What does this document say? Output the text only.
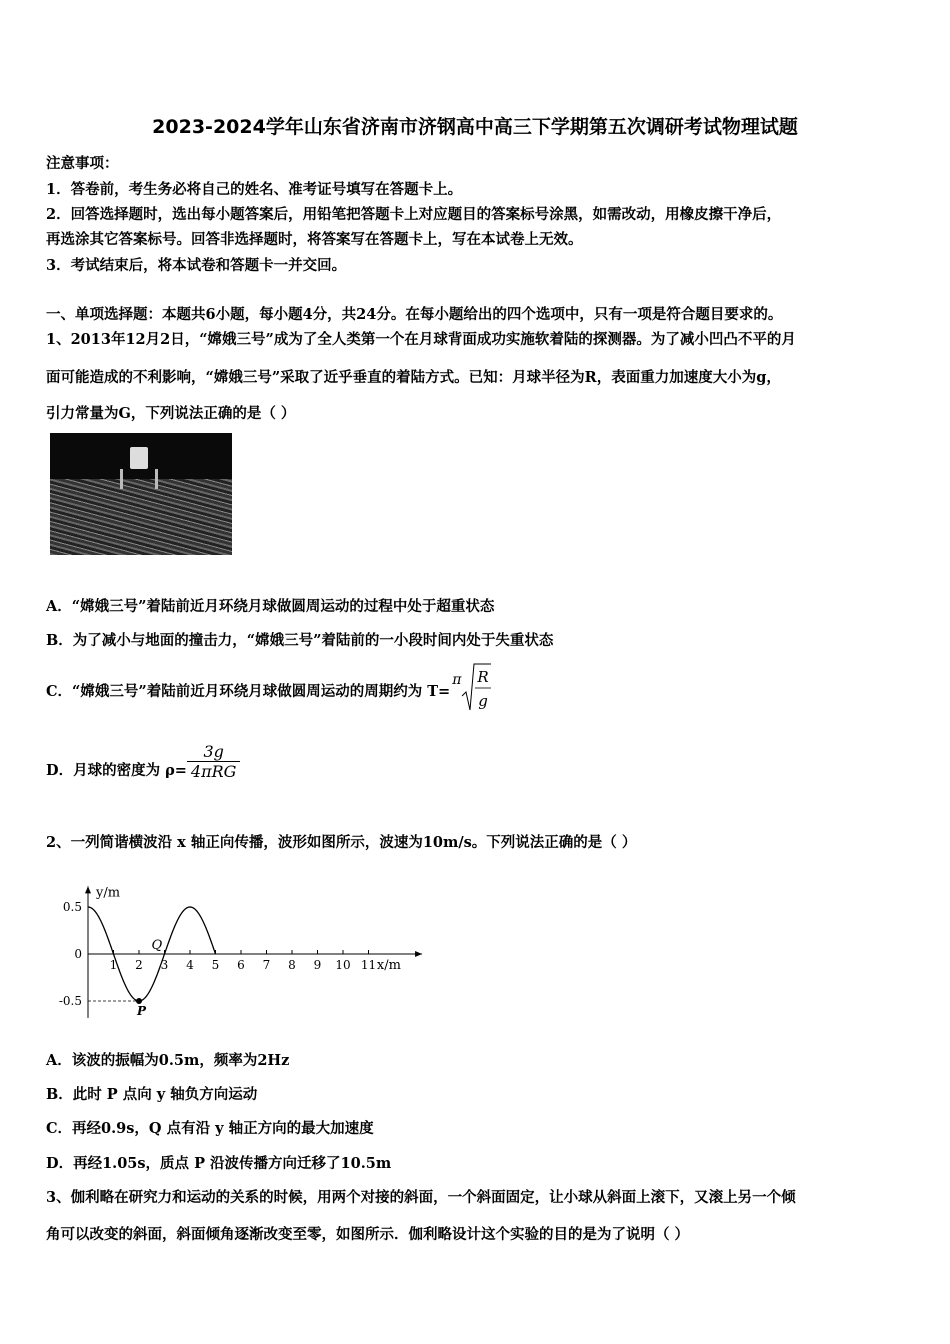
2023-2024学年山东省济南市济钢高中高三下学期第五次调研考试物理试题
注意事项：
1．答卷前，考生务必将自己的姓名、准考证号填写在答题卡上。
2．回答选择题时，选出每小题答案后，用铅笔把答题卡上对应题目的答案标号涂黑，如需改动，用橡皮擦干净后，
再选涂其它答案标号。回答非选择题时，将答案写在答题卡上，写在本试卷上无效。
3．考试结束后，将本试卷和答题卡一并交回。
一、单项选择题：本题共6小题，每小题4分，共24分。在每小题给出的四个选项中，只有一项是符合题目要求的。
1、2013年12月2日，“嫦娥三号”成为了全人类第一个在月球背面成功实施软着陆的探测器。为了减小凹凸不平的月
面可能造成的不利影响，“嫦娥三号”采取了近乎垂直的着陆方式。已知：月球半径为R，表面重力加速度大小为g，
引力常量为G，下列说法正确的是（ ）
A．“嫦娥三号”着陆前近月环绕月球做圆周运动的过程中处于超重状态
B．为了减小与地面的撞击力，“嫦娥三号”着陆前的一小段时间内处于失重状态
C．“嫦娥三号”着陆前近月环绕月球做圆周运动的周期约为 T=
π R
g
D．月球的密度为 $\rho= \frac{3g}{\text{4πRG}}$
2、一列简谐横波沿 x 轴正向传播，波形如图所示，波速为10m/s。下列说法正确的是（ ）
1 2 3 4 5 6 7 8 9 10 11
0.5
0
-0.5
y/m
x/m
P
Q
A．该波的振幅为0.5m，频率为2Hz
B．此时 P 点向 y 轴负方向运动
C．再经0.9s，Q 点有沿 y 轴正方向的最大加速度
D．再经1.05s，质点 P 沿波传播方向迁移了10.5m
3、伽利略在研究力和运动的关系的时候，用两个对接的斜面，一个斜面固定，让小球从斜面上滚下，又滚上另一个倾
角可以改变的斜面，斜面倾角逐渐改变至零，如图所示．伽利略设计这个实验的目的是为了说明（ ）
